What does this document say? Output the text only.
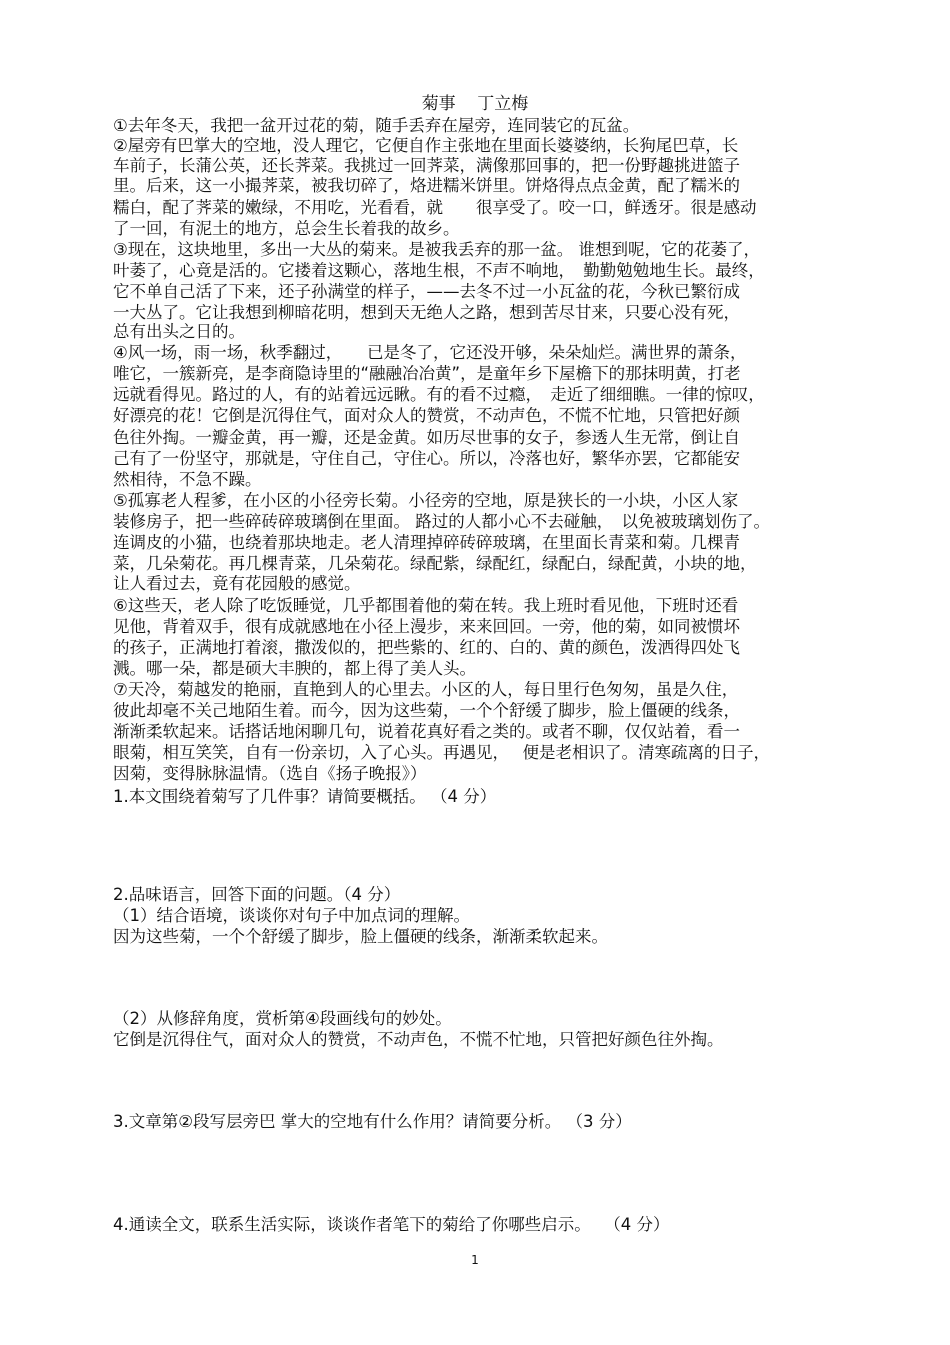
菊事    丁立梅
①去年冬天，我把一盆开过花的菊，随手丢弃在屋旁，连同装它的瓦盆。
②屋旁有巴掌大的空地，没人理它，它便自作主张地在里面长婆婆纳，长狗尾巴草，长
车前子，长蒲公英，还长荠菜。我挑过一回荠菜，满像那回事的，把一份野趣挑进篮子
里。后来，这一小撮荠菜，被我切碎了，烙进糯米饼里。饼烙得点点金黄，配了糯米的
糯白，配了荠菜的嫩绿，不用吃，光看看，就　　很享受了。咬一口，鲜透牙。很是感动
了一回，有泥土的地方，总会生长着我的故乡。
③现在，这块地里，多出一大丛的菊来。是被我丢弃的那一盆。 谁想到呢，它的花萎了，
叶萎了，心竟是活的。它搂着这颗心，落地生根，不声不响地，　勤勤勉勉地生长。最终，
它不单自己活了下来，还子孙满堂的样子，——去冬不过一小瓦盆的花，今秋已繁衍成
一大丛了。它让我想到柳暗花明，想到天无绝人之路，想到苦尽甘来，只要心没有死，
总有出头之日的。
④风一场，雨一场，秋季翻过，　　已是冬了，它还没开够，朵朵灿烂。满世界的萧条，
唯它，一簇新亮，是李商隐诗里的“融融冶冶黄”，是童年乡下屋檐下的那抹明黄，打老
远就看得见。路过的人，有的站着远远瞅。有的看不过瘾，　走近了细细瞧。一律的惊叹，
好漂亮的花！它倒是沉得住气，面对众人的赞赏，不动声色，不慌不忙地，只管把好颜
色往外掏。一瓣金黄，再一瓣，还是金黄。如历尽世事的女子，参透人生无常，倒让自
己有了一份坚守，那就是，守住自己，守住心。所以，冷落也好，繁华亦罢，它都能安
然相待，不急不躁。
⑤孤寡老人程爹，在小区的小径旁长菊。小径旁的空地，原是狭长的一小块，小区人家
装修房子，把一些碎砖碎玻璃倒在里面。 路过的人都小心不去碰触，　以免被玻璃划伤了。
连调皮的小猫，也绕着那块地走。老人清理掉碎砖碎玻璃，在里面长青菜和菊。几棵青
菜，几朵菊花。再几棵青菜，几朵菊花。绿配紫，绿配红，绿配白，绿配黄，小块的地，
让人看过去，竟有花园般的感觉。
⑥这些天，老人除了吃饭睡觉，几乎都围着他的菊在转。我上班时看见他，下班时还看
见他，背着双手，很有成就感地在小径上漫步，来来回回。一旁，他的菊，如同被惯坏
的孩子，正满地打着滚，撒泼似的，把些紫的、红的、白的、黄的颜色，泼洒得四处飞
溅。哪一朵，都是硕大丰腴的，都上得了美人头。
⑦天冷，菊越发的艳丽，直艳到人的心里去。小区的人，每日里行色匆匆，虽是久住，
彼此却毫不关己地陌生着。而今，因为这些菊，一个个舒缓了脚步，脸上僵硬的线条，
渐渐柔软起来。话搭话地闲聊几句，说着花真好看之类的。或者不聊，仅仅站着，看一
眼菊，相互笑笑，自有一份亲切，入了心头。再遇见，　 便是老相识了。清寒疏离的日子，
因菊，变得脉脉温情。（选自《扬子晚报》）
1.本文围绕着菊写了几件事？请简要概括。 （4 分）
2.品味语言，回答下面的问题。（4 分）
（1）结合语境，谈谈你对句子中加点词的理解。
因为这些菊，一个个舒缓了脚步，脸上僵硬的线条，渐渐柔软起来。
（2）从修辞角度，赏析第④段画线句的妙处。
它倒是沉得住气，面对众人的赞赏，不动声色，不慌不忙地，只管把好颜色往外掏。
3.文章第②段写层旁巴 掌大的空地有什么作用？请简要分析。 （3 分）
4.通读全文，联系生活实际，谈谈作者笔下的菊给了你哪些启示。　 （4 分）
1
